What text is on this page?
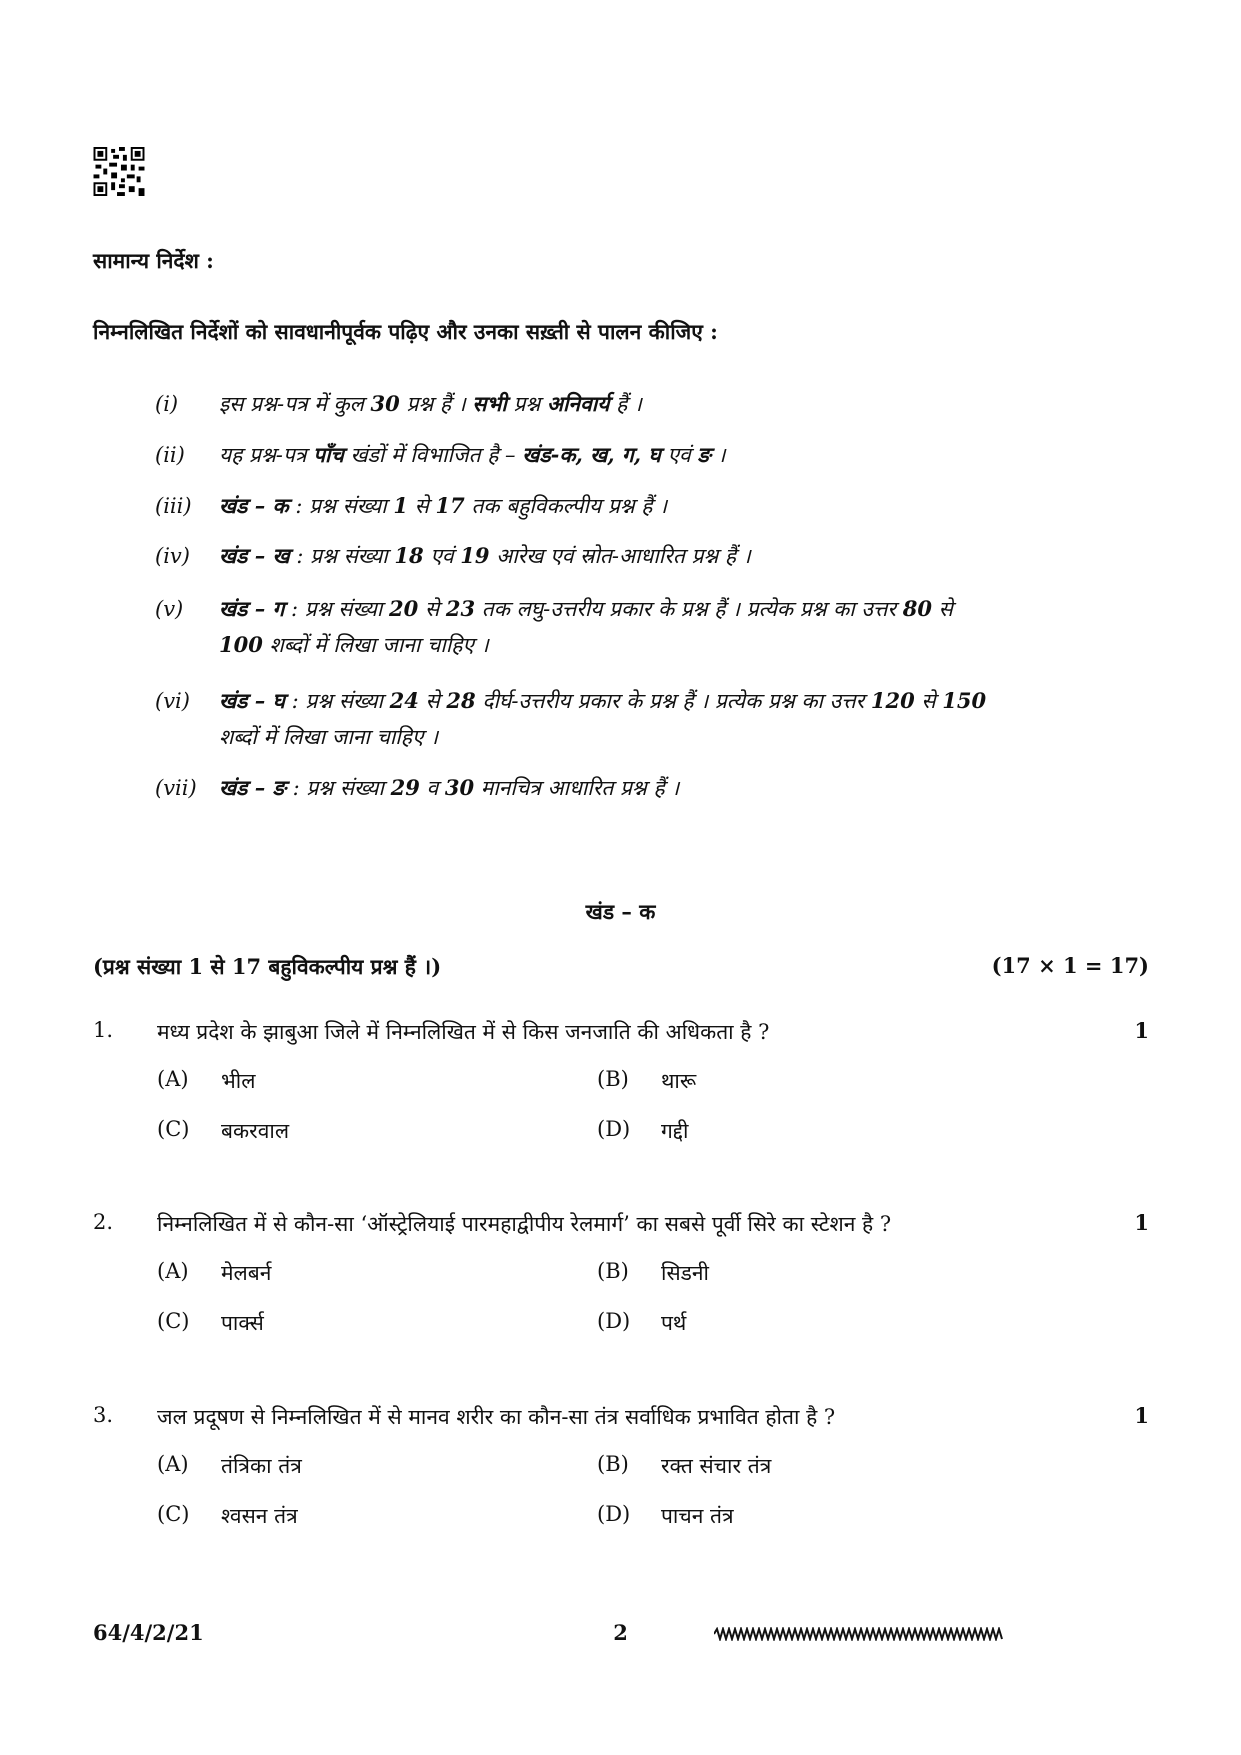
सामान्य निर्देश :
निम्नलिखित निर्देशों को सावधानीपूर्वक पढ़िए और उनका सख़्ती से पालन कीजिए :
(i)	इस प्रश्न-पत्र में कुल 30 प्रश्न हैं । सभी प्रश्न अनिवार्य हैं ।
(ii)	यह प्रश्न-पत्र पाँच खंडों में विभाजित है – खंड-क, ख, ग, घ एवं ङ ।
(iii)	खंड – क : प्रश्न संख्या 1 से 17 तक बहुविकल्पीय प्रश्न हैं ।
(iv)	खंड – ख : प्रश्न संख्या 18 एवं 19 आरेख एवं स्रोत-आधारित प्रश्न हैं ।
(v)	खंड – ग : प्रश्न संख्या 20 से 23 तक लघु-उत्तरीय प्रकार के प्रश्न हैं । प्रत्येक प्रश्न का उत्तर 80 से
100 शब्दों में लिखा जाना चाहिए ।
(vi)	खंड – घ : प्रश्न संख्या 24 से 28 दीर्घ-उत्तरीय प्रकार के प्रश्न हैं । प्रत्येक प्रश्न का उत्तर 120 से 150
शब्दों में लिखा जाना चाहिए ।
(vii)	खंड – ङ : प्रश्न संख्या 29 व 30 मानचित्र आधारित प्रश्न हैं ।
खंड – क
(प्रश्न संख्या 1 से 17 बहुविकल्पीय प्रश्न हैं ।)	(17 × 1 = 17)
1. मध्य प्रदेश के झाबुआ जिले में निम्नलिखित में से किस जनजाति की अधिकता है ?	1
(A) भील	(B) थारू
(C) बकरवाल	(D) गद्दी
2. निम्नलिखित में से कौन-सा ‘ऑस्ट्रेलियाई पारमहाद्वीपीय रेलमार्ग’ का सबसे पूर्वी सिरे का स्टेशन है ?	1
(A) मेलबर्न	(B) सिडनी
(C) पार्क्स	(D) पर्थ
3. जल प्रदूषण से निम्नलिखित में से मानव शरीर का कौन-सा तंत्र सर्वाधिक प्रभावित होता है ?	1
(A) तंत्रिका तंत्र	(B) रक्त संचार तंत्र
(C) श्वसन तंत्र	(D) पाचन तंत्र
64/4/2/21	2
